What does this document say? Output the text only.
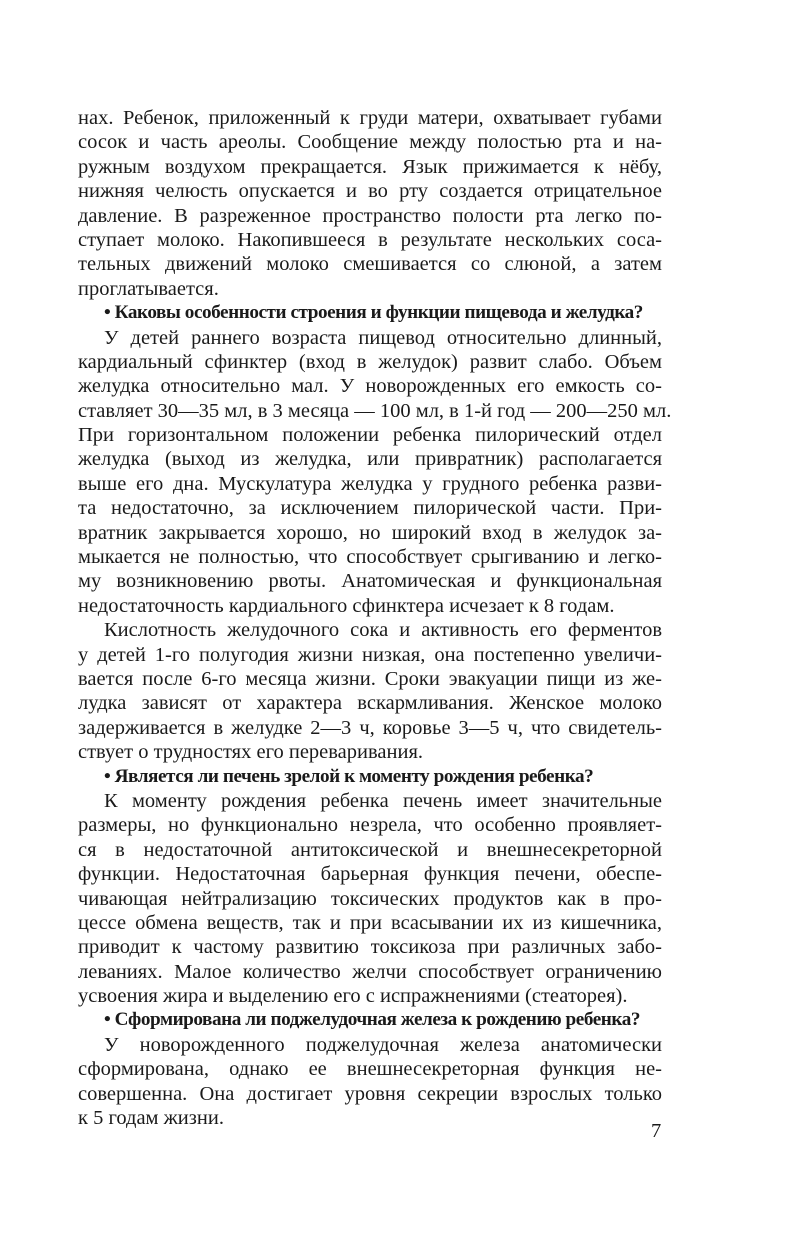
нах. Ребенок, приложенный к груди матери, охватывает губами
сосок и часть ареолы. Сообщение между полостью рта и на-
ружным воздухом прекращается. Язык прижимается к нёбу,
нижняя челюсть опускается и во рту создается отрицательное
давление. В разреженное пространство полости рта легко по-
ступает молоко. Накопившееся в результате нескольких соса-
тельных движений молоко смешивается со слюной, а затем
проглатывается.
• Каковы особенности строения и функции пищевода и желудка?
У детей раннего возраста пищевод относительно длинный,
кардиальный сфинктер (вход в желудок) развит слабо. Объем
желудка относительно мал. У новорожденных его емкость со-
ставляет 30—35 мл, в 3 месяца — 100 мл, в 1-й год — 200—250 мл.
При горизонтальном положении ребенка пилорический отдел
желудка (выход из желудка, или привратник) располагается
выше его дна. Мускулатура желудка у грудного ребенка разви-
та недостаточно, за исключением пилорической части. При-
вратник закрывается хорошо, но широкий вход в желудок за-
мыкается не полностью, что способствует срыгиванию и легко-
му возникновению рвоты. Анатомическая и функциональная
недостаточность кардиального сфинктера исчезает к 8 годам.
Кислотность желудочного сока и активность его ферментов
у детей 1-го полугодия жизни низкая, она постепенно увеличи-
вается после 6-го месяца жизни. Сроки эвакуации пищи из же-
лудка зависят от характера вскармливания. Женское молоко
задерживается в желудке 2—3 ч, коровье 3—5 ч, что свидетель-
ствует о трудностях его переваривания.
• Является ли печень зрелой к моменту рождения ребенка?
К моменту рождения ребенка печень имеет значительные
размеры, но функционально незрела, что особенно проявляет-
ся в недостаточной антитоксической и внешнесекреторной
функции. Недостаточная барьерная функция печени, обеспе-
чивающая нейтрализацию токсических продуктов как в про-
цессе обмена веществ, так и при всасывании их из кишечника,
приводит к частому развитию токсикоза при различных забо-
леваниях. Малое количество желчи способствует ограничению
усвоения жира и выделению его с испражнениями (стеаторея).
• Сформирована ли поджелудочная железа к рождению ребенка?
У новорожденного поджелудочная железа анатомически
сформирована, однако ее внешнесекреторная функция не-
совершенна. Она достигает уровня секреции взрослых только
к 5 годам жизни.
7
